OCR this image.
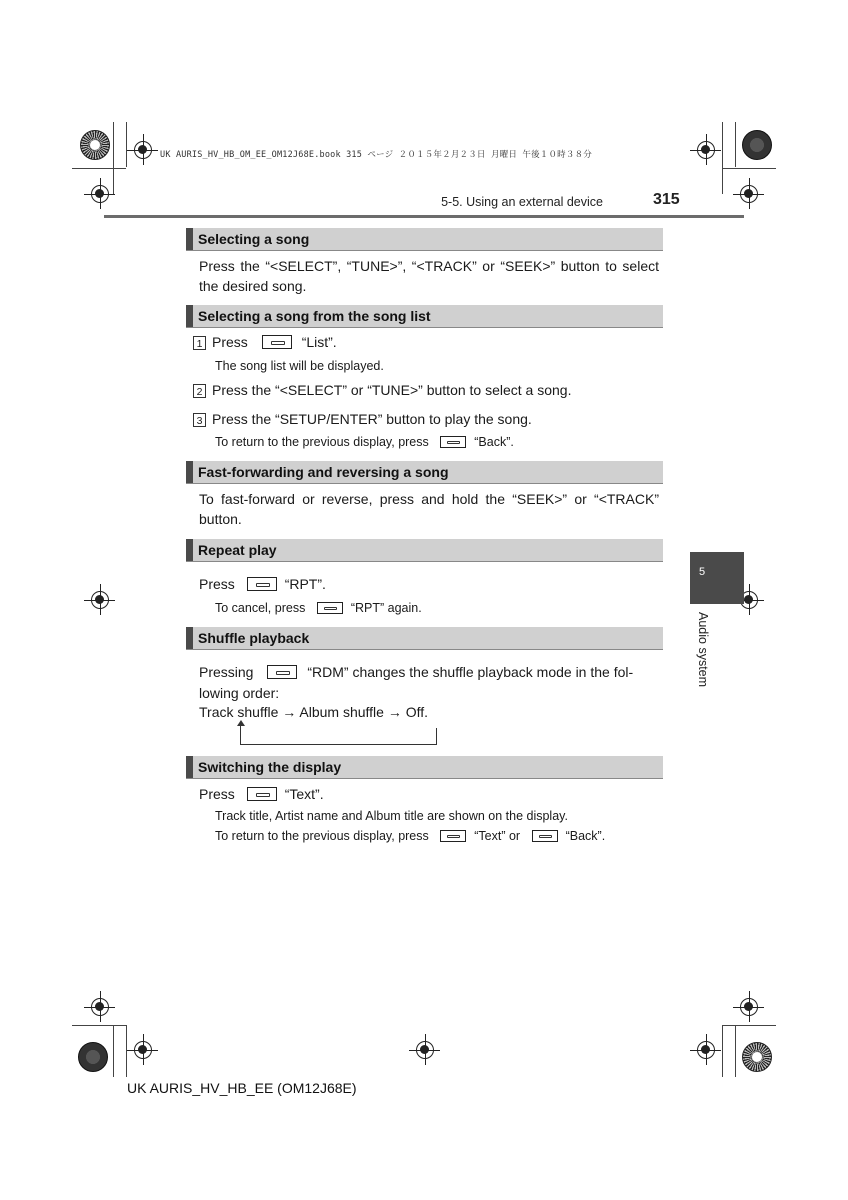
UK AURIS_HV_HB_OM_EE_OM12J68E.book 315 ページ ２０１５年２月２３日 月曜日 午後１０時３８分
5-5. Using an external device	315
Selecting a song
Press the “<SELECT”, “TUNE>”, “<TRACK” or “SEEK>” button to select the desired song.
Selecting a song from the song list
1 Press	“List”.
The song list will be displayed.
2 Press the “<SELECT” or “TUNE>” button to select a song.
3 Press the “SETUP/ENTER” button to play the song.
To return to the previous display, press	“Back”.
Fast-forwarding and reversing a song
To fast-forward or reverse, press and hold the “SEEK>” or “<TRACK” button.
Repeat play
Press	“RPT”.
To cancel, press	“RPT” again.
Shuffle playback
Pressing	“RDM” changes the shuffle playback mode in the fol-
lowing order:
Track shuffle → Album shuffle → Off.
Switching the display
Press	“Text”.
Track title, Artist name and Album title are shown on the display.
To return to the previous display, press	“Text” or	“Back”.
5
Audio system
UK AURIS_HV_HB_EE (OM12J68E)
